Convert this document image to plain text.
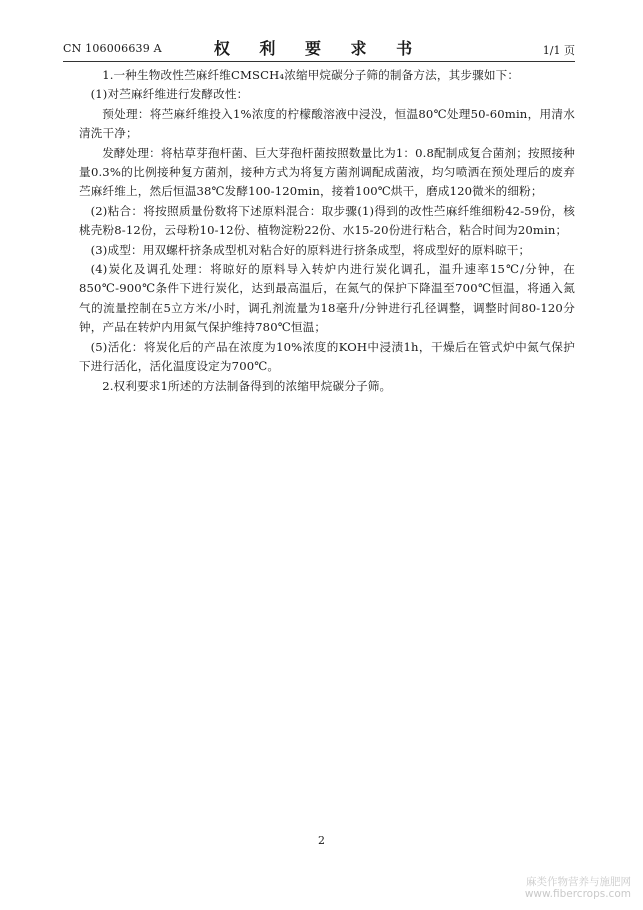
CN 106006639 A	权 利 要 求 书	1/1 页

1.一种生物改性苎麻纤维CMSCH₄浓缩甲烷碳分子筛的制备方法，其步骤如下：

(1)对苎麻纤维进行发酵改性：

预处理：将苎麻纤维投入1%浓度的柠檬酸溶液中浸没，恒温80℃处理50-60min，用清水清洗干净；

发酵处理：将枯草芽孢杆菌、巨大芽孢杆菌按照数量比为1：0.8配制成复合菌剂；按照接种量0.3%的比例接种复方菌剂，接种方式为将复方菌剂调配成菌液，均匀喷洒在预处理后的废弃苎麻纤维上，然后恒温38℃发酵100-120min，接着100℃烘干，磨成120微米的细粉；

(2)粘合：将按照质量份数将下述原料混合：取步骤(1)得到的改性苎麻纤维细粉42-59份，核桃壳粉8-12份，云母粉10-12份、植物淀粉22份、水15-20份进行粘合，粘合时间为20min；

(3)成型：用双螺杆挤条成型机对粘合好的原料进行挤条成型，将成型好的原料晾干；

(4)炭化及调孔处理：将晾好的原料导入转炉内进行炭化调孔，温升速率15℃/分钟，在850℃-900℃条件下进行炭化，达到最高温后，在氮气的保护下降温至700℃恒温，将通入氮气的流量控制在5立方米/小时，调孔剂流量为18毫升/分钟进行孔径调整，调整时间80-120分钟，产品在转炉内用氮气保护维持780℃恒温；

(5)活化：将炭化后的产品在浓度为10%浓度的KOH中浸渍1h，干燥后在管式炉中氮气保护下进行活化，活化温度设定为700℃。

2.权利要求1所述的方法制备得到的浓缩甲烷碳分子筛。

2
麻类作物营养与施肥网
www.fibercrops.com
